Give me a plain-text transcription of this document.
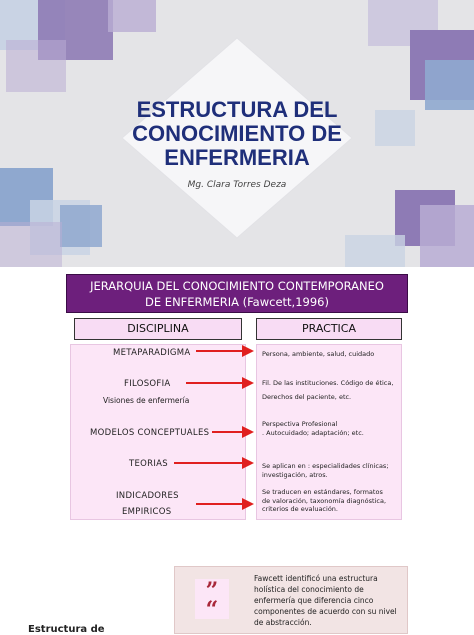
ESTRUCTURA DEL

CONOCIMIENTO DE

ENFERMERIA

Mg. Clara Torres Deza
JERARQUIA DEL CONOCIMIENTO CONTEMPORANEO
DE ENFERMERIA (Fawcett,1996)
DISCIPLINA	PRACTICA
METAPARADIGMA
FILOSOFIA
Visiones de enfermería
MODELOS CONCEPTUALES
TEORIAS
INDICADORES
EMPIRICOS
Persona, ambiente, salud, cuidado
Fil. De las instituciones. Código de ética,
Derechos del paciente, etc.
Perspectiva Profesional
. Autocuidado; adaptación; etc.
Se aplican en : especialidades clínicas;
investigación, atros.
Se traducen en estándares, formatos
de valoración, taxonomía diagnóstica,
criterios de evaluación.
”
“
Fawcett identificó una estructura holística del conocimiento de enfermería que diferencia cinco componentes de acuerdo con su nivel de abstracción.
Estructura de
